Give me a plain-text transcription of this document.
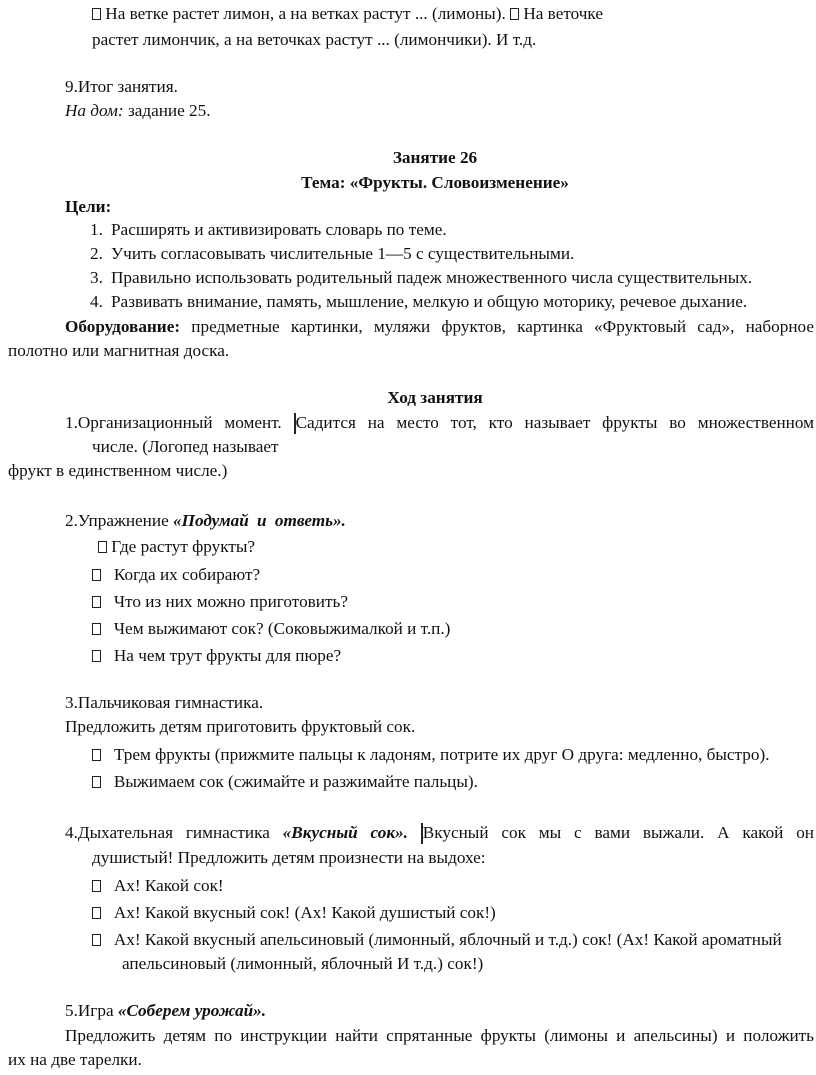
На ветке растет лимон, а на ветках растут ... (лимоны). На веточке
растет лимончик, а на веточках растут ... (лимончики). И т.д.
9.Итог занятия.
На дом: задание 25.
Занятие 26
Тема: «Фрукты. Словоизменение»
Цели:
1. Расширять и активизировать словарь по теме.
2. Учить согласовывать числительные 1—5 с существительными.
3. Правильно использовать родительный падеж множественного числа существительных.
4. Развивать внимание, память, мышление, мелкую и общую моторику, речевое дыхание.
Оборудование: предметные картинки, муляжи фруктов, картинка «Фруктовый сад», наборное
полотно или магнитная доска.
Ход занятия
1.Организационный момент. Садится на место тот, кто называет фрукты во множественном
числе. (Логопед называет
фрукт в единственном числе.)
2.Упражнение «Подумай и ответь».
Где растут фрукты?
Когда их собирают?
Что из них можно приготовить?
Чем выжимают сок? (Соковыжималкой и т.п.)
На чем трут фрукты для пюре?
3.Пальчиковая гимнастика.
Предложить детям приготовить фруктовый сок.
Трем фрукты (прижмите пальцы к ладоням, потрите их друг О друга: медленно, быстро).
Выжимаем сок (сжимайте и разжимайте пальцы).
4.Дыхательная гимнастика «Вкусный сок». Вкусный сок мы с вами выжали. А какой он
душистый! Предложить детям произнести на выдохе:
Ах! Какой сок!
Ах! Какой вкусный сок! (Ах! Какой душистый сок!)
Ах! Какой вкусный апельсиновый (лимонный, яблочный и т.д.) сок! (Ах! Какой ароматный
апельсиновый (лимонный, яблочный И т.д.) сок!)
5.Игра «Соберем урожай».
Предложить детям по инструкции найти спрятанные фрукты (лимоны и апельсины) и положить
их на две тарелки.
